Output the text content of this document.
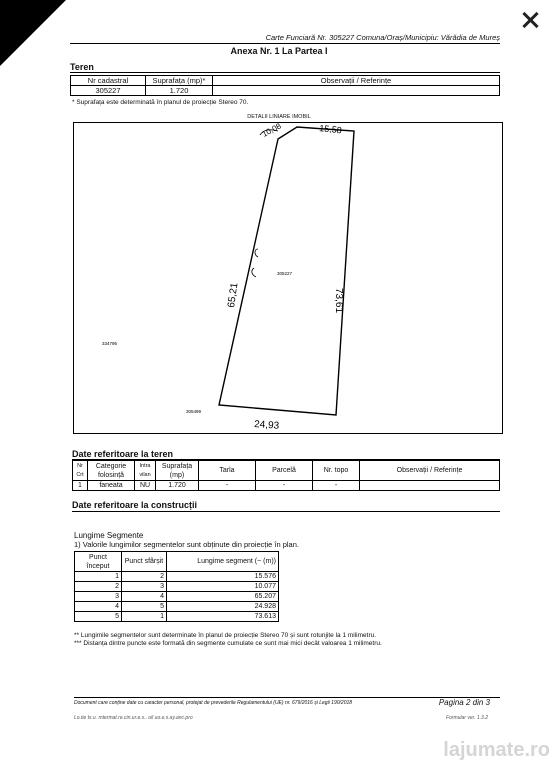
Carte Funciară Nr. 305227 Comuna/Oraș/Municipiu: Vărădia de Mureș
Anexa Nr. 1 La Partea I
Teren
Nr cadastral	Suprafața (mp)*	Observații / Referințe
305227	1.720	
* Suprafața este determinată în planul de proiecție Stereo 70.
DETALII LINIARE IMOBIL
10,08	15,58
65,21	73,61
24,93
305227
334796
305499
Date referitoare la teren
Nr Crt	Categorie folosință	Intra vilan	Suprafața (mp)	Tarla	Parcelă	Nr. topo	Observații / Referințe
1	faneata	NU	1.720	-	-	-	
Date referitoare la construcții
Lungime Segmente
1) Valorile lungimilor segmentelor sunt obținute din proiecție în plan.
Punct început	Punct sfârșit	Lungime segment (~ (m))
1	2	15.576
2	3	10.077
3	4	65.207
4	5	24.928
5	1	73.613
** Lungimile segmentelor sunt determinate în planul de proiecție Stereo 70 și sunt rotunjite la 1 milimetru.
*** Distanța dintre puncte este formată din segmente cumulate ce sunt mai mici decât valoarea 1 milimetru.
Document care conține date cu caracter personal, protejat de prevederile Regulamentului (UE) nr. 679/2016 și Legii 190/2018	Pagina 2 din 3
Lo.tie ts.u. mtermat.re.cin.ur.e.s.. oil uo.e.s.ay.anc.pro	Formular ver. 1.3.2
lajumate.ro
